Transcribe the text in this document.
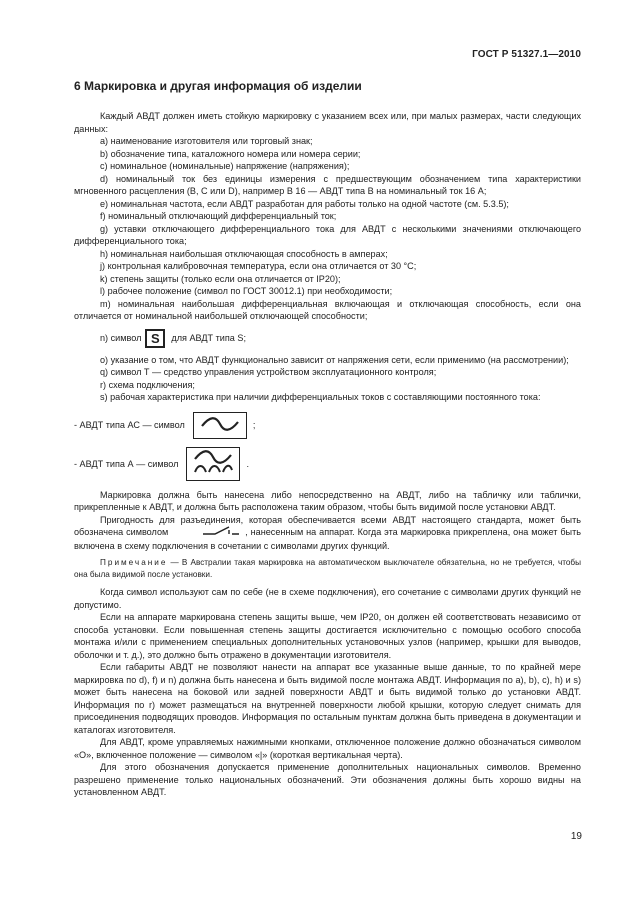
ГОСТ Р 51327.1—2010
6 Маркировка и другая информация об изделии

Каждый АВДТ должен иметь стойкую маркировку с указанием всех или, при малых размерах, части следующих данных:

a) наименование изготовителя или торговый знак;

b) обозначение типа, каталожного номера или номера серии;

c) номинальное (номинальные) напряжение (напряжения);

d) номинальный ток без единицы измерения с предшествующим обозначением типа характеристики мгновенного расцепления (B, C или D), например B 16 — АВДТ типа B на номинальный ток 16 А;

e) номинальная частота, если АВДТ разработан для работы только на одной частоте (см. 5.3.5);

f) номинальный отключающий дифференциальный ток;

g) уставки отключающего дифференциального тока для АВДТ с несколькими значениями отключающего дифференциального тока;

h) номинальная наибольшая отключающая способность в амперах;

j) контрольная калибровочная температура, если она отличается от 30 °С;

k) степень защиты (только если она отличается от IP20);

l) рабочее положение (символ по ГОСТ 30012.1) при необходимости;

m) номинальная наибольшая дифференциальная включающая и отключающая способность, если она отличается от номинальной наибольшей отключающей способности;

n) символ S	для АВДТ типа S;

o) указание о том, что АВДТ функционально зависит от напряжения сети, если применимо (на рассмотрении);

q) символ Т — средство управления устройством эксплуатационного контроля;

r) схема подключения;

s) рабочая характеристика при наличии дифференциальных токов с составляющими постоянного тока:

- АВДТ типа АС — символ	;
- АВДТ типа А — символ	.

Маркировка должна быть нанесена либо непосредственно на АВДТ, либо на табличку или таблички, прикрепленные к АВДТ, и должна быть расположена таким образом, чтобы быть видимой после установки АВДТ.

Пригодность для разъединения, которая обеспечивается всеми АВДТ настоящего стандарта, может быть обозначена символом	, нанесенным на аппарат. Когда эта маркировка прикреплена, она может быть включена в схему подключения в сочетании с символами других функций.

Примечание — В Австралии такая маркировка на автоматическом выключателе обязательна, но не требуется, чтобы она была видимой после установки.

Когда символ используют сам по себе (не в схеме подключения), его сочетание с символами других функций не допустимо.

Если на аппарате маркирована степень защиты выше, чем IP20, он должен ей соответствовать независимо от способа установки. Если повышенная степень защиты достигается исключительно с помощью особого способа монтажа и/или с применением специальных дополнительных установочных узлов (например, крышки для выводов, оболочки и т. д.), это должно быть отражено в документации изготовителя.

Если габариты АВДТ не позволяют нанести на аппарат все указанные выше данные, то по крайней мере маркировка по d), f) и n) должна быть нанесена и быть видимой после монтажа АВДТ. Информация по a), b), c), h) и s) может быть нанесена на боковой или задней поверхности АВДТ и быть видимой только до установки АВДТ. Информация по r) может размещаться на внутренней поверхности любой крышки, которую следует снимать для присоединения подводящих проводов. Информация по остальным пунктам должна быть приведена в документации и каталогах изготовителя.

Для АВДТ, кроме управляемых нажимными кнопками, отключенное положение должно обозначаться символом «О», включенное положение — символом «|» (короткая вертикальная черта).

Для этого обозначения допускается применение дополнительных национальных символов. Временно разрешено применение только национальных обозначений. Эти обозначения должны быть хорошо видны на установленном АВДТ.

19
